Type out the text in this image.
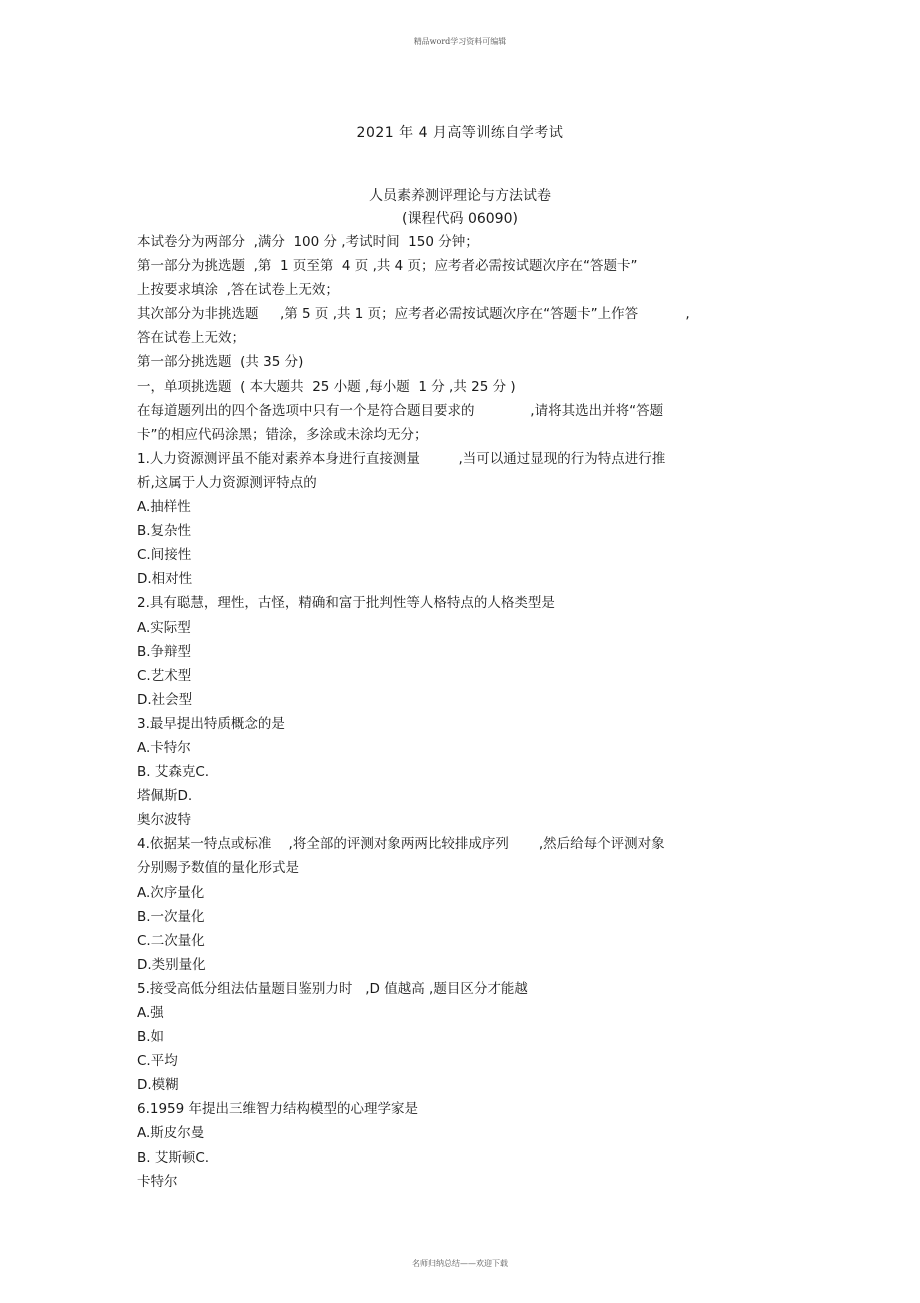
精品word学习资料可编辑
2021 年 4 月高等训练自学考试
人员素养测评理论与方法试卷
(课程代码 06090)
本试卷分为两部分  ,满分  100 分 ,考试时间  150 分钟；
第一部分为挑选题  ,第  1 页至第  4 页 ,共 4 页；应考者必需按试题次序在“答题卡”
上按要求填涂  ,答在试卷上无效；
其次部分为非挑选题     ,第 5 页 ,共 1 页；应考者必需按试题次序在“答题卡”上作答           ,
答在试卷上无效；
第一部分挑选题  (共 35 分)
一，单项挑选题  ( 本大题共  25 小题 ,每小题  1 分 ,共 25 分 )
在每道题列出的四个备选项中只有一个是符合题目要求的             ,请将其选出并将“答题
卡”的相应代码涂黑；错涂，多涂或未涂均无分；
1.人力资源测评虽不能对素养本身进行直接测量         ,当可以通过显现的行为特点进行推
析,这属于人力资源测评特点的
A.抽样性
B.复杂性
C.间接性
D.相对性
2.具有聪慧，理性，古怪，精确和富于批判性等人格特点的人格类型是
A.实际型
B.争辩型
C.艺术型
D.社会型
3.最早提出特质概念的是
A.卡特尔
B. 艾森克C.
塔佩斯D.
奥尔波特
4.依据某一特点或标准    ,将全部的评测对象两两比较排成序列       ,然后给每个评测对象
分别赐予数值的量化形式是
A.次序量化
B.一次量化
C.二次量化
D.类别量化
5.接受高低分组法估量题目鉴别力时   ,D 值越高 ,题目区分才能越
A.强
B.如
C.平均
D.模糊
6.1959 年提出三维智力结构模型的心理学家是
A.斯皮尔曼
B. 艾斯顿C.
卡特尔
名师归纳总结——欢迎下载
